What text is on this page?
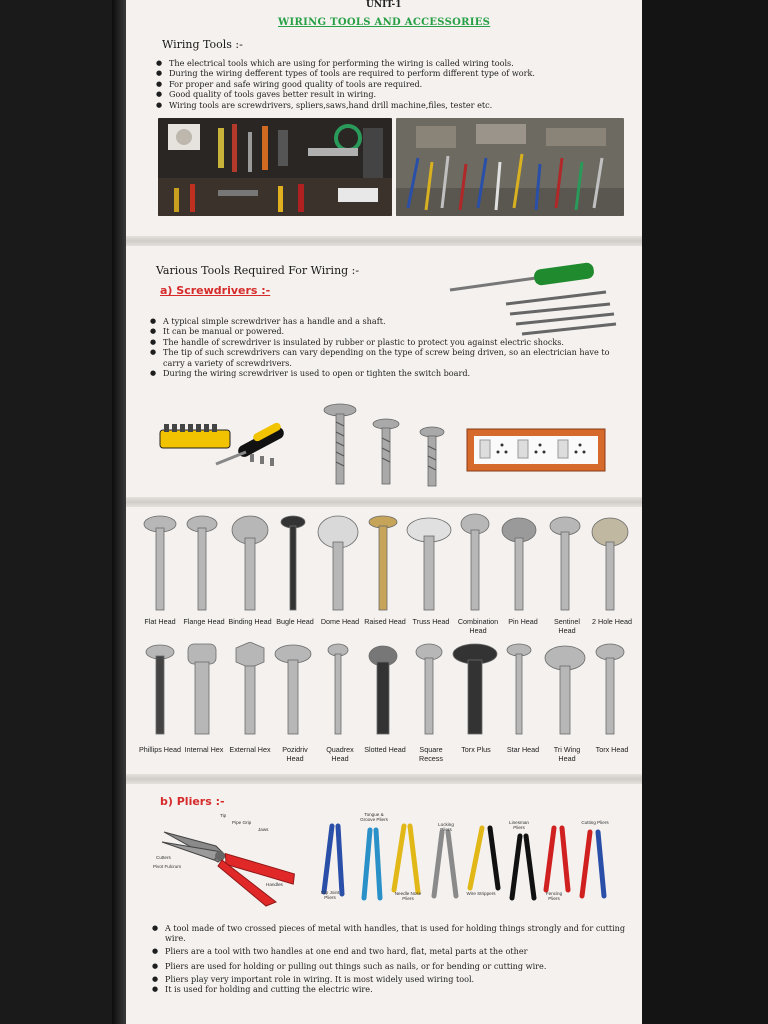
UNIT-1
WIRING TOOLS AND ACCESSORIES
Wiring Tools :-
● The electrical tools which are using for performing the wiring is called wiring tools.
● During the wiring defferent types of tools are required to perform different type of work.
● For proper and safe wiring good quality of tools are required.
● Good quality of tools gaves better result in wiring.
● Wiring tools are screwdrivers, spliers,saws,hand drill machine,files, tester etc.
Various Tools Required For Wiring :-
a) Screwdrivers :-
● A typical simple screwdriver has a handle and a shaft.
● It can be manual or powered.
● The handle of screwdriver is insulated by rubber or plastic to protect you against electric shocks.
● The tip of such screwdrivers can vary depending on the type of screw being driven, so an electrician have to carry a variety of screwdrivers.
● During the wiring screwdriver is used to open or tighten the switch board.
Flat Head	Flange Head Binding Head Bugle Head Dome Head Raised Head Truss Head	Combination Head
Pin Head	Sentinel Head
2 Hole Head
Phillips Head Internal Hex External Hex	Pozidriv Head
Quadrex Head
Slotted Head	Square Recess
Torx Plus	Star Head	Tri Wing Head
Torx Head
b) Pliers :-
Tip
Pipe Grip
Jaws
Cutters
Pivot Fulcrum
Handles
Slip Joint Pliers
Tongue & Groove Pliers
Needle Nose Pliers
Locking Pliers
Wire Strippers
Linesman Pliers
Fencing Pliers
Cutting Pliers
● A tool made of two crossed pieces of metal with handles, that is used for holding things strongly and for cutting wire.
● Pliers are a tool with two handles at one end and two hard, flat, metal parts at the other
● Pliers are used for holding or pulling out things such as nails, or for bending or cutting wire.
● Pliers play very important role in wiring. It is most widely used wiring tool.
● It is used for holding and cutting the electric wire.
